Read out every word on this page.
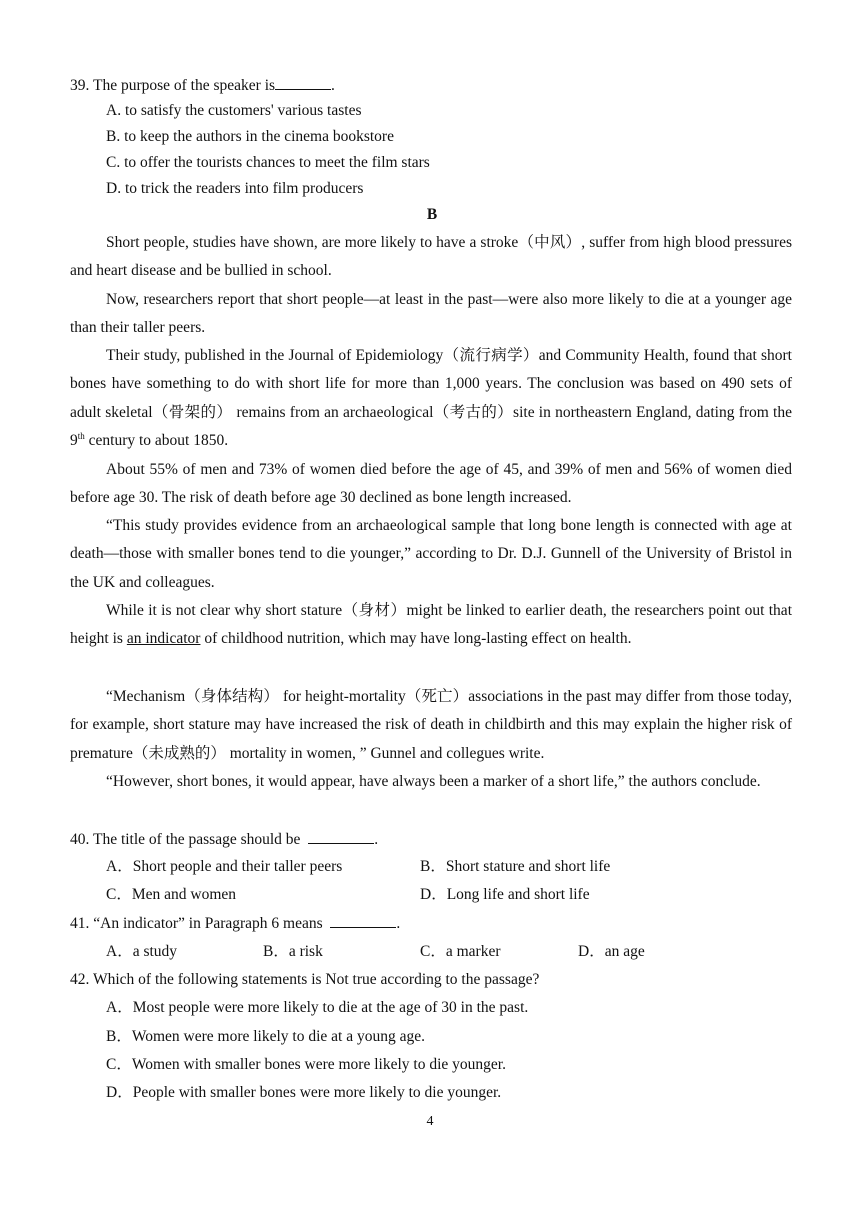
39. The purpose of the speaker is	.
A. to satisfy the customers' various tastes
B. to keep the authors in the cinema bookstore
C. to offer the tourists chances to meet the film stars
D. to trick the readers into film producers
B
Short people, studies have shown, are more likely to have a stroke（中风）, suffer from high blood pressures and heart disease and be bullied in school.
Now, researchers report that short people—at least in the past—were also more likely to die at a younger age than their taller peers.
Their study, published in the Journal of Epidemiology（流行病学）and Community Health, found that short bones have something to do with short life for more than 1,000 years. The conclusion was based on 490 sets of adult skeletal（骨架的） remains from an archaeological（考古的）site in northeastern England, dating from the 9th century to about 1850.
About 55% of men and 73% of women died before the age of 45, and 39% of men and 56% of women died before age 30. The risk of death before age 30 declined as bone length increased.
“This study provides evidence from an archaeological sample that long bone length is connected with age at death—those with smaller bones tend to die younger,” according to Dr. D.J. Gunnell of the University of Bristol in the UK and colleagues.
While it is not clear why short stature（身材）might be linked to earlier death, the researchers point out that height is an indicator of childhood nutrition, which may have long-lasting effect on health.
“Mechanism（身体结构） for height-mortality（死亡）associations in the past may differ from those today, for example, short stature may have increased the risk of death in childbirth and this may explain the higher risk of premature（未成熟的） mortality in women, ” Gunnel and collegues write.
“However, short bones, it would appear, have always been a marker of a short life,” the authors conclude.
40. The title of the passage should be	.
A．Short people and their taller peers	B．Short stature and short life
C．Men and women	D．Long life and short life
41. “An indicator” in Paragraph 6 means	.
A．a study	B．a risk	C．a marker	D．an age
42. Which of the following statements is Not true according to the passage?
A．Most people were more likely to die at the age of 30 in the past.
B．Women were more likely to die at a young age.
C．Women with smaller bones were more likely to die younger.
D．People with smaller bones were more likely to die younger.
4
